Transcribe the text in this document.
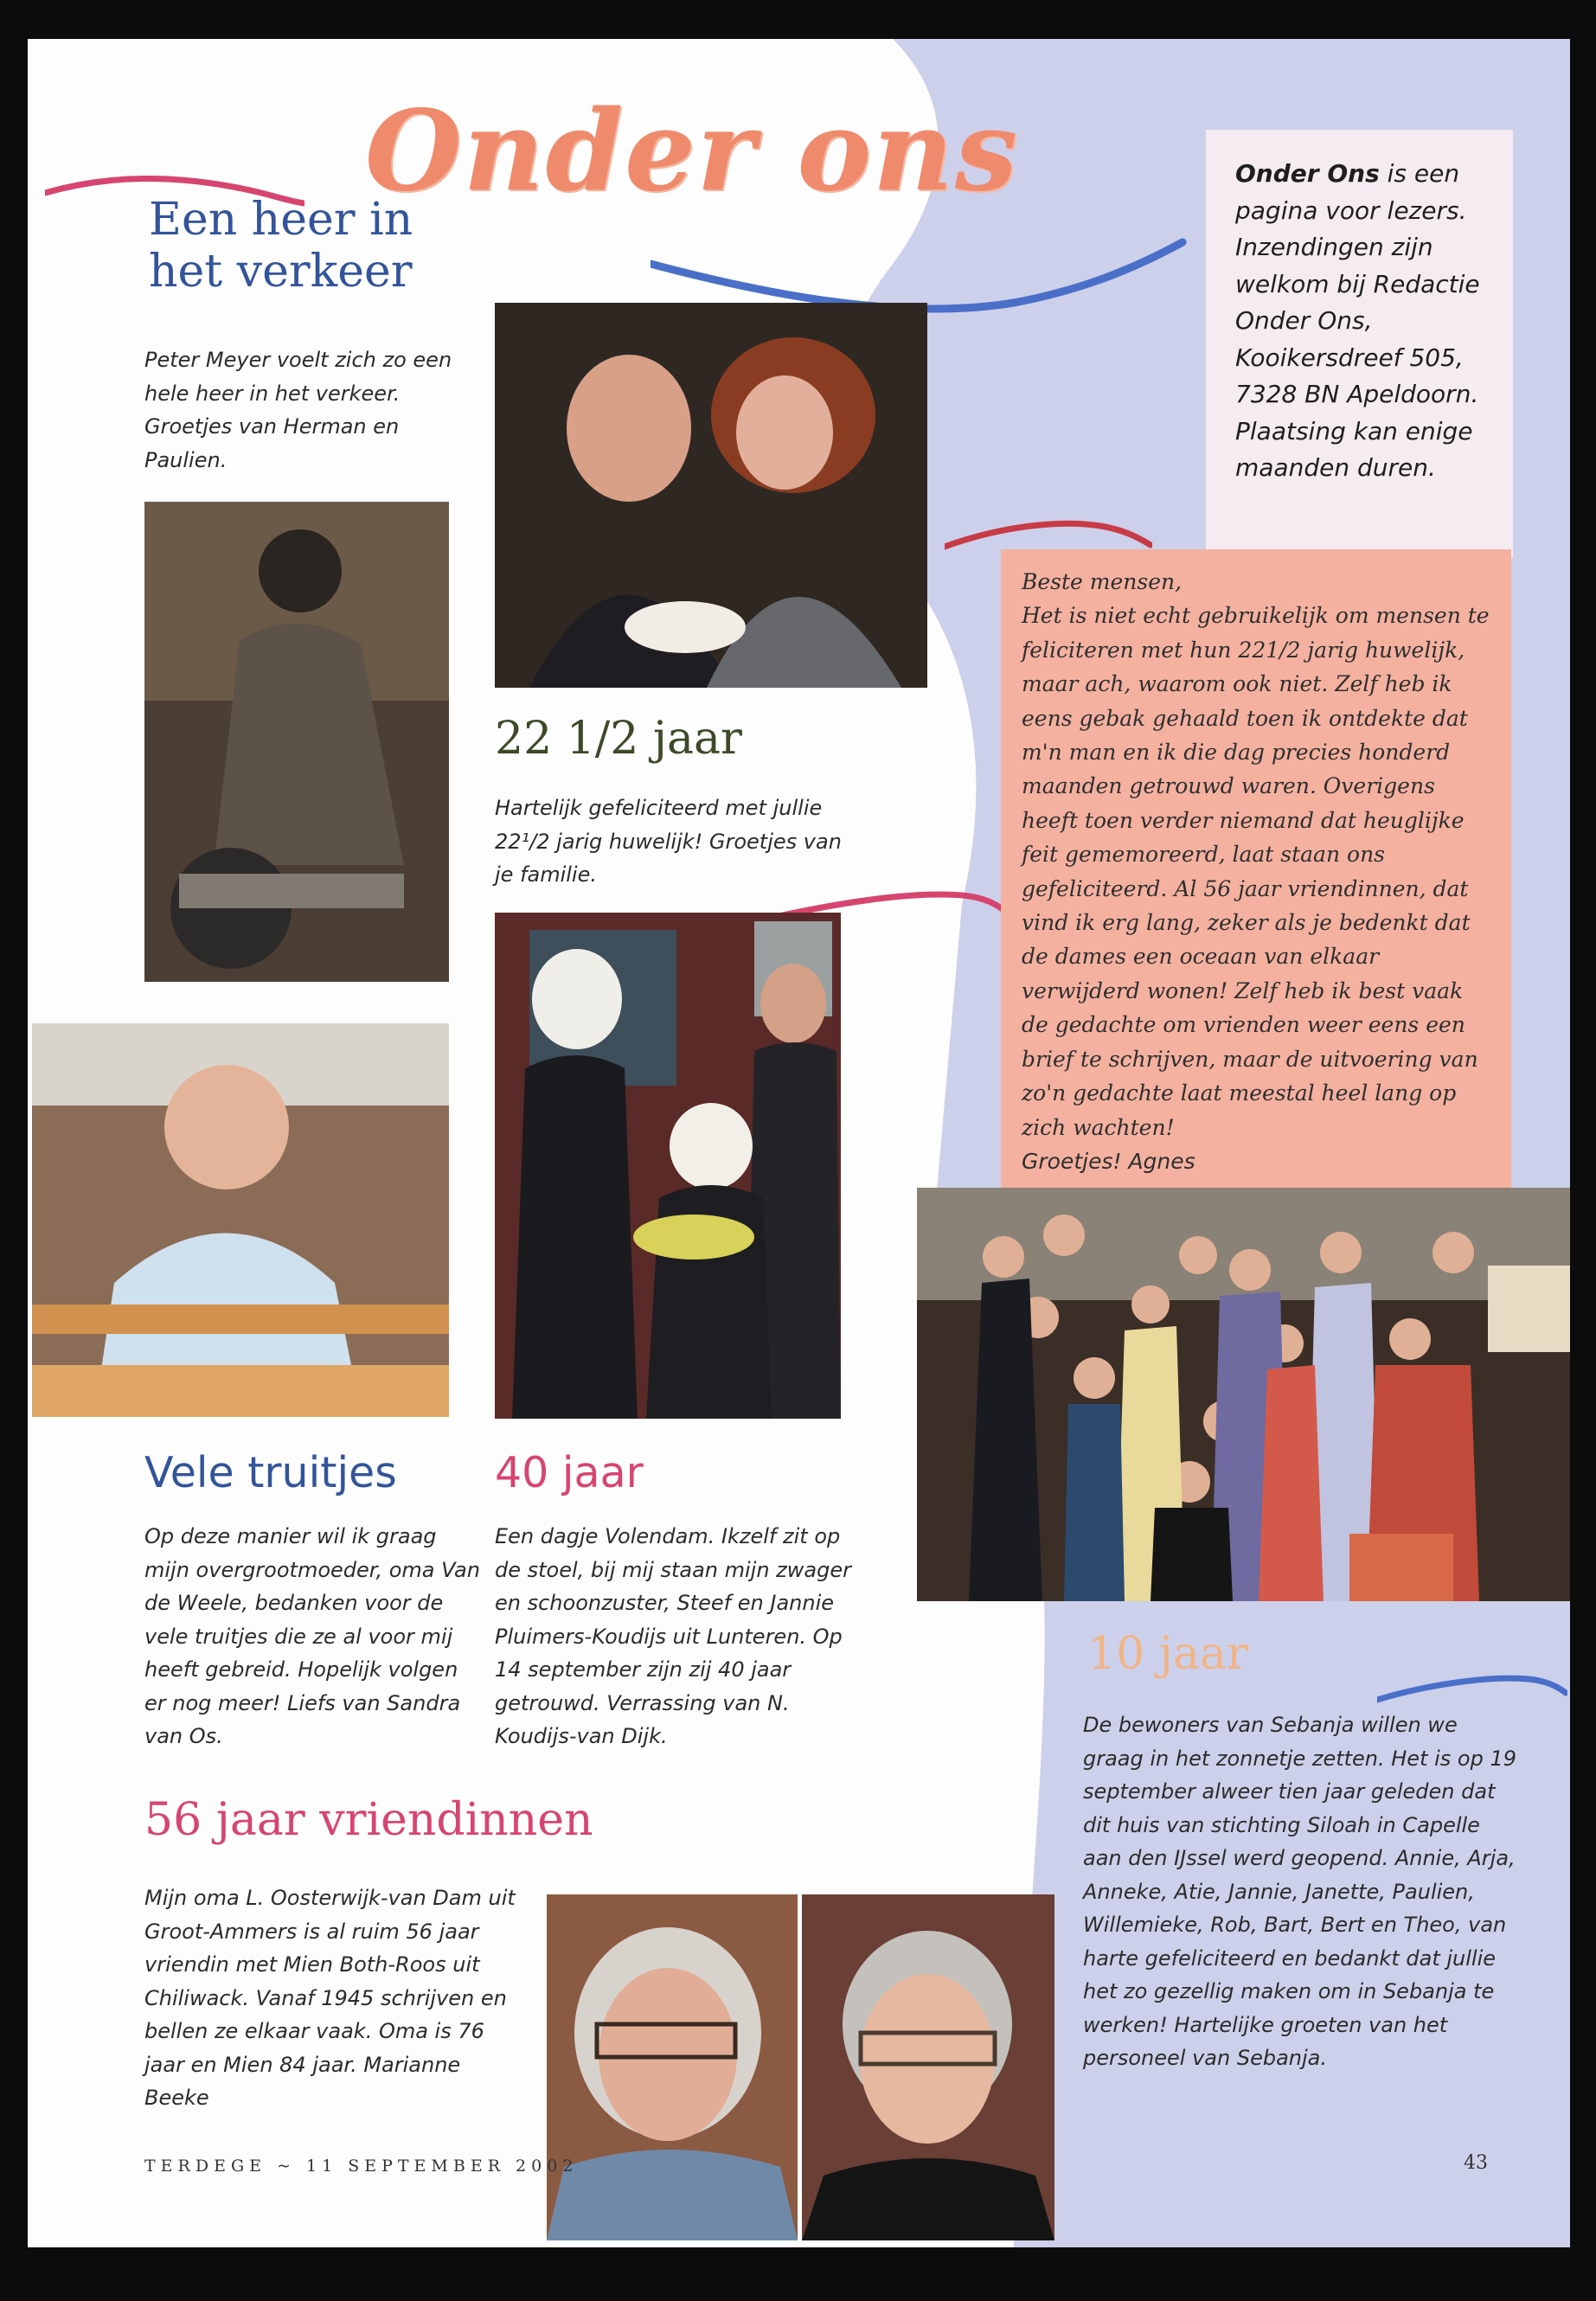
Onder ons
Een heer in
het verkeer

Peter Meyer voelt zich zo een hele heer in het verkeer. Groetjes van Herman en Paulien.

22 1/2 jaar

Hartelijk gefeliciteerd met jullie 22¹/2 jarig huwelijk! Groetjes van je familie.

Vele truitjes

Op deze manier wil ik graag mijn overgrootmoeder, oma Van de Weele, bedanken voor de vele truitjes die ze al voor mij heeft gebreid. Hopelijk volgen er nog meer! Liefs van Sandra van Os.

40 jaar

Een dagje Volendam. Ikzelf zit op de stoel, bij mij staan mijn zwager en schoonzuster, Steef en Jannie Pluimers-Koudijs uit Lunteren. Op 14 september zijn zij 40 jaar getrouwd. Verrassing van N. Koudijs-van Dijk.

56 jaar vriendinnen

Mijn oma L. Oosterwijk-van Dam uit Groot-Ammers is al ruim 56 jaar vriendin met Mien Both-Roos uit Chiliwack. Vanaf 1945 schrijven en bellen ze elkaar vaak. Oma is 76 jaar en Mien 84 jaar. Marianne Beeke

Onder Ons is een pagina voor lezers. Inzendingen zijn welkom bij Redactie Onder Ons, Kooikersdreef 505, 7328 BN Apeldoorn. Plaatsing kan enige maanden duren.

Beste mensen,

Het is niet echt gebruikelijk om mensen te feliciteren met hun 221/2 jarig huwelijk, maar ach, waarom ook niet. Zelf heb ik eens gebak gehaald toen ik ontdekte dat m'n man en ik die dag precies honderd maanden getrouwd waren. Overigens heeft toen verder niemand dat heuglijke feit gememoreerd, laat staan ons gefeliciteerd. Al 56 jaar vriendinnen, dat vind ik erg lang, zeker als je bedenkt dat de dames een oceaan van elkaar verwijderd wonen! Zelf heb ik best vaak de gedachte om vrienden weer eens een brief te schrijven, maar de uitvoering van zo'n gedachte laat meestal heel lang op zich wachten!

Groetjes! Agnes

10 jaar

De bewoners van Sebanja willen we graag in het zonnetje zetten. Het is op 19 september alweer tien jaar geleden dat dit huis van stichting Siloah in Capelle aan den IJssel werd geopend. Annie, Arja, Anneke, Atie, Jannie, Janette, Paulien, Willemieke, Rob, Bart, Bert en Theo, van harte gefeliciteerd en bedankt dat jullie het zo gezellig maken om in Sebanja te werken! Hartelijke groeten van het personeel van Sebanja.

TERDEGE ~ 11 SEPTEMBER 2002	43
